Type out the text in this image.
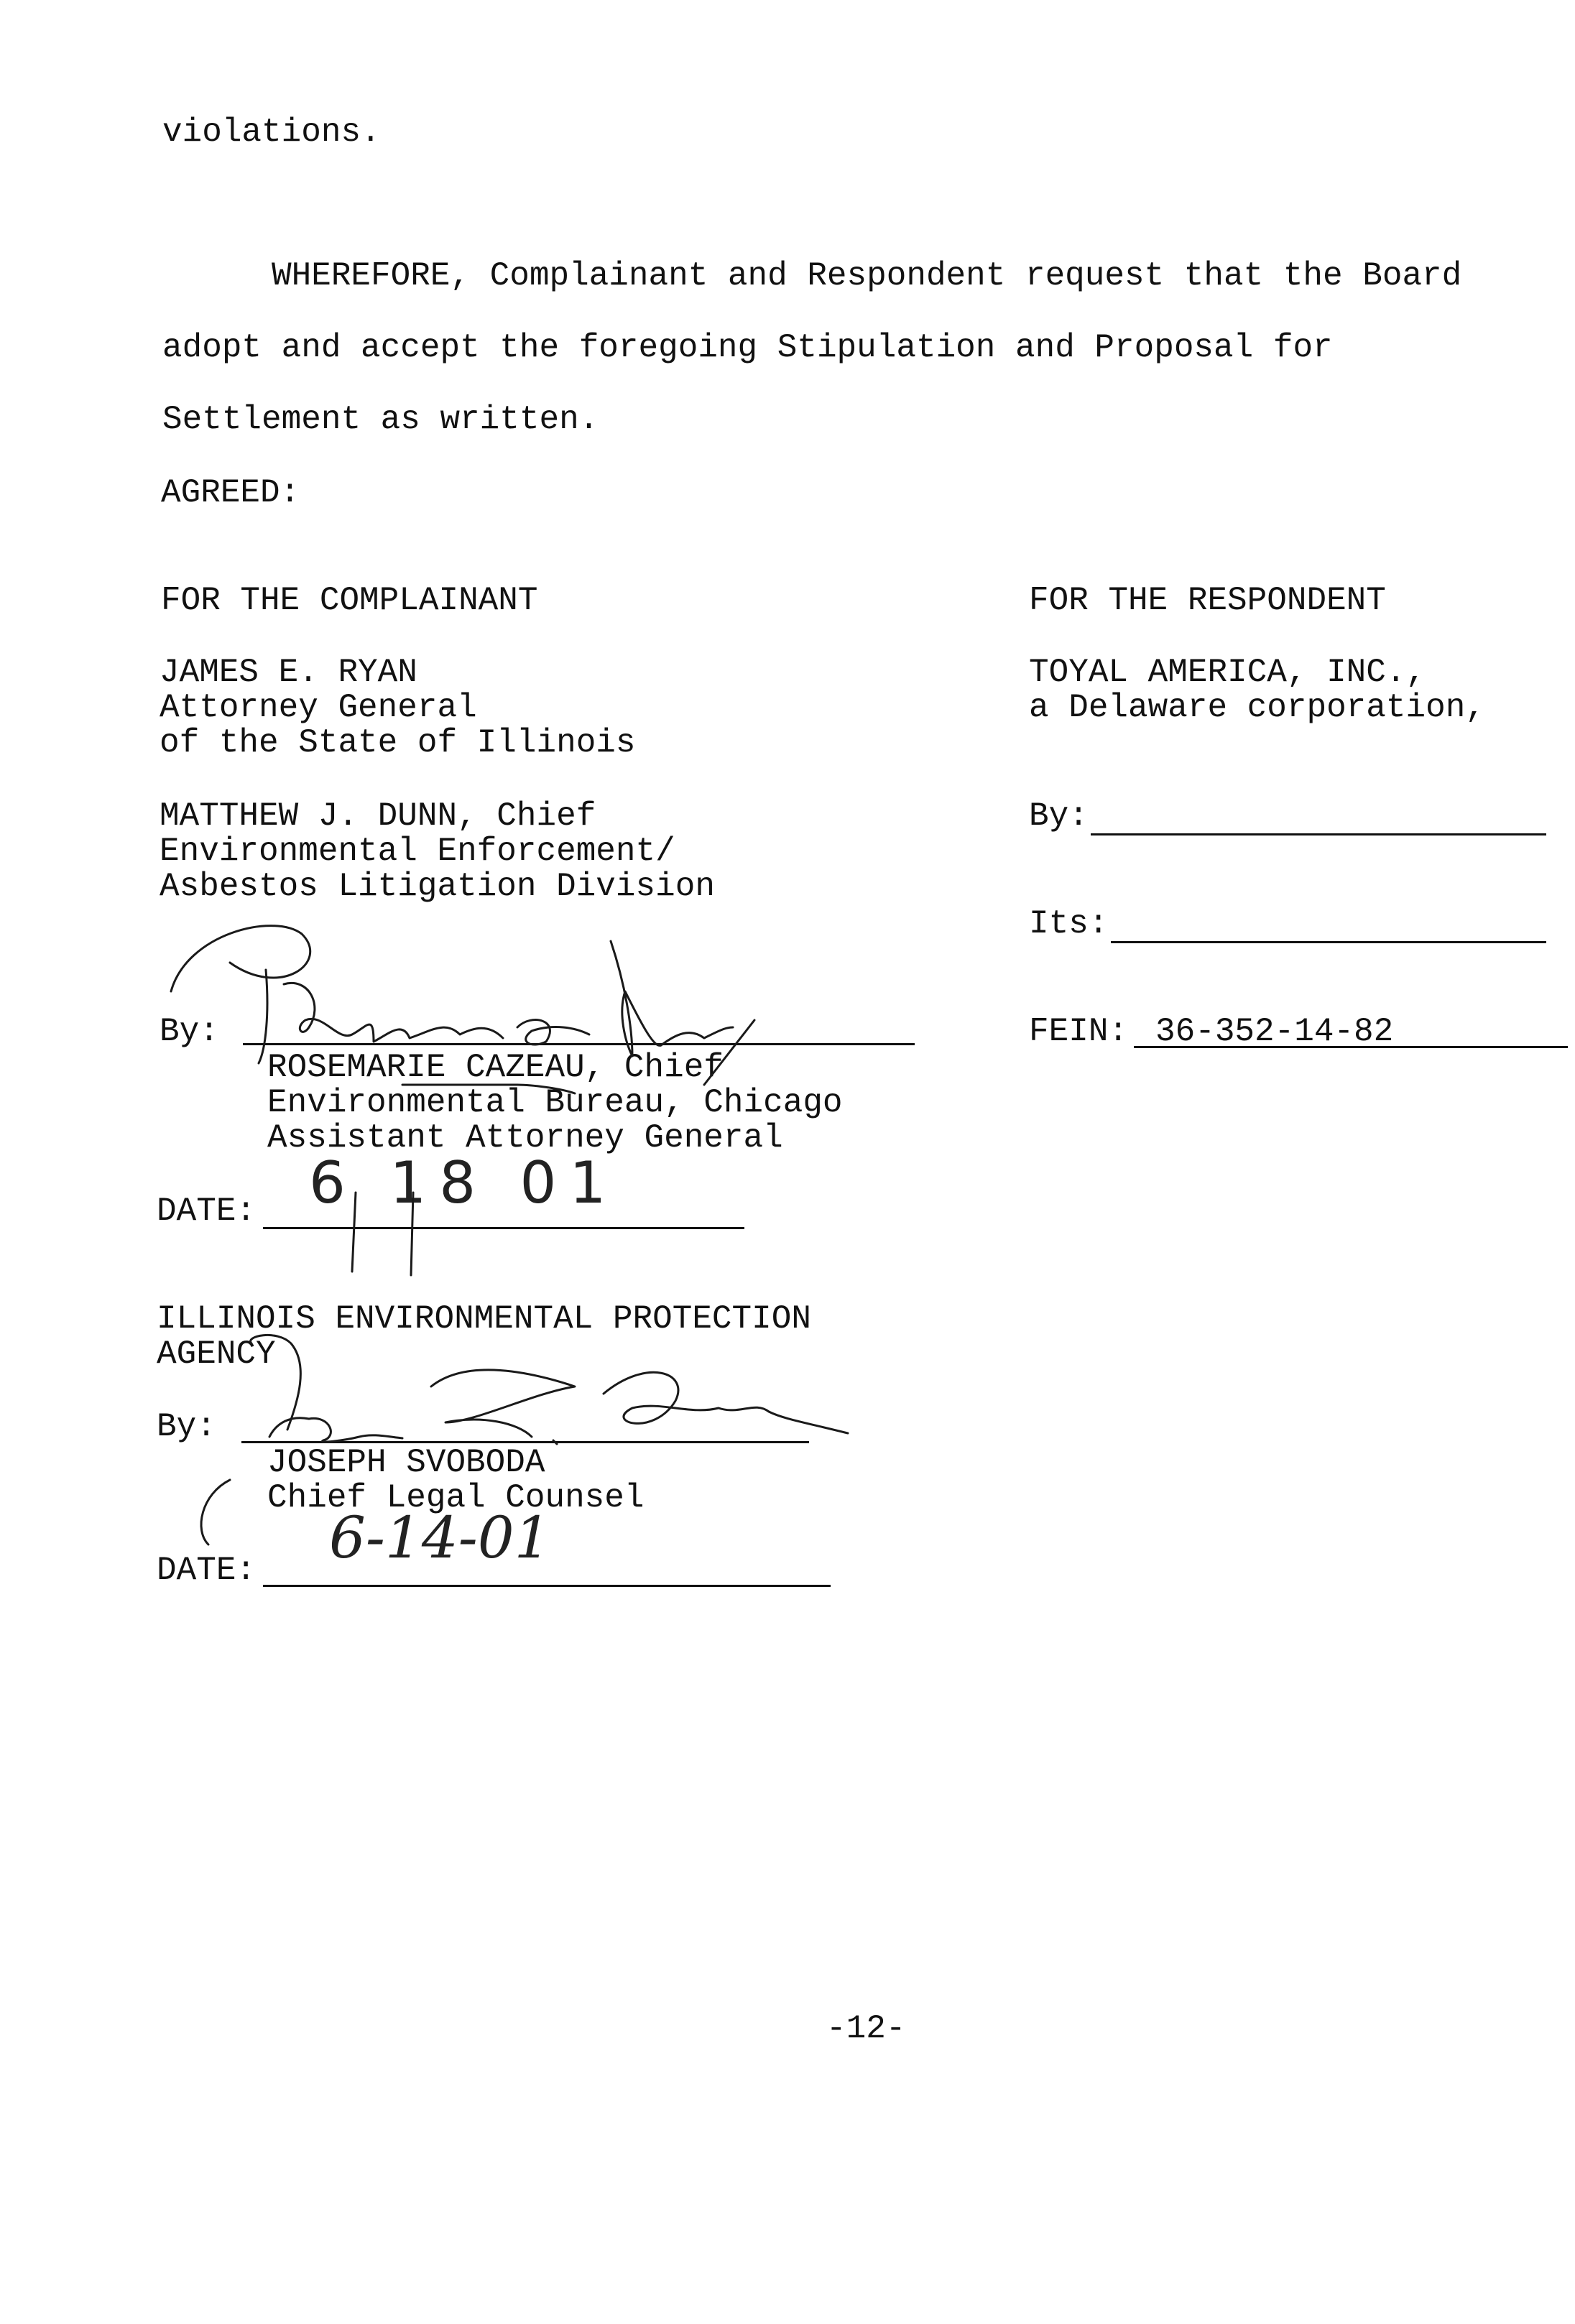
violations.

WHEREFORE, Complainant and Respondent request that the Board

adopt and accept the foregoing Stipulation and Proposal for

Settlement as written.

AGREED:

FOR THE COMPLAINANT

JAMES E. RYAN

Attorney General

of the State of Illinois

MATTHEW J. DUNN, Chief

Environmental Enforcement/

Asbestos Litigation Division

By:

ROSEMARIE CAZEAU, Chief

Environmental Bureau, Chicago

Assistant Attorney General

DATE:

6 18 01

ILLINOIS ENVIRONMENTAL PROTECTION

AGENCY

By:

JOSEPH SVOBODA

Chief Legal Counsel

DATE:

6-14-01

FOR THE RESPONDENT

TOYAL AMERICA, INC.,

a Delaware corporation,

By:

Its:

FEIN:

36-352-14-82

-12-
